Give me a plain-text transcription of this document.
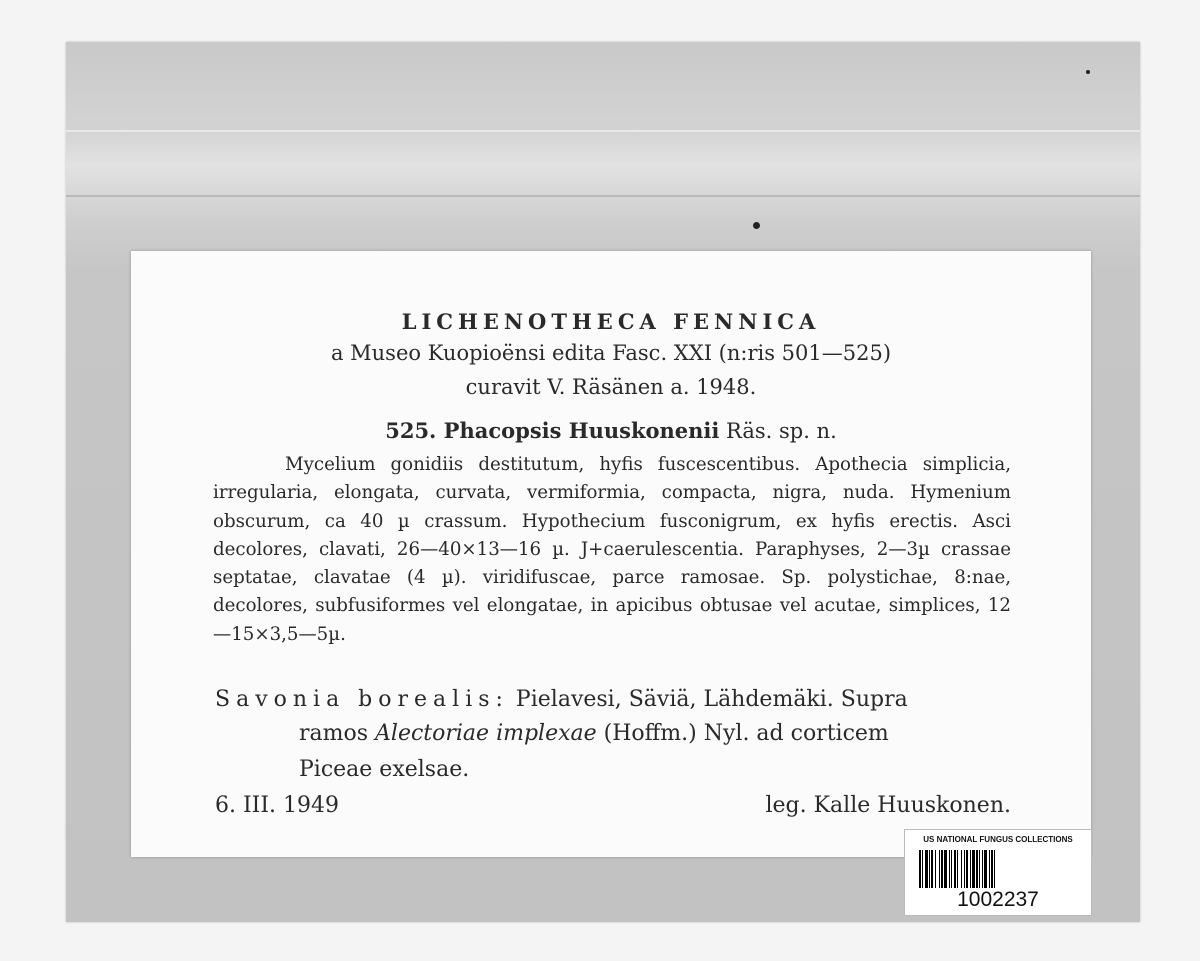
LICHENOTHECA FENNICA
a Museo Kuopioënsi edita Fasc. XXI (n:ris 501—525)
curavit V. Räsänen a. 1948.
525. Phacopsis Huuskonenii Räs. sp. n.

Mycelium gonidiis destitutum, hyfis fuscescentibus. Apothecia simplicia, irregularia, elongata, curvata, vermiformia, compacta, nigra, nuda. Hymenium obscurum, ca 40 µ crassum. Hypothecium fusconigrum, ex hyfis erectis. Asci decolores, clavati, 26—40×13—16 µ. J+caerulescentia. Paraphyses, 2—3µ crassae septatae, clavatae (4 µ). viridifuscae, parce ramosae. Sp. polystichae, 8:nae, decolores, subfusiformes vel elongatae, in apicibus obtusae vel acutae, simplices, 12—15×3,5—5µ.

Savonia borealis: Pielavesi, Säviä, Lähdemäki. Supra
ramos Alectoriae implexae (Hoffm.) Nyl. ad corticem
Piceae exelsae.
6. III. 1949	leg. Kalle Huuskonen.
US NATIONAL FUNGUS COLLECTIONS
1002237
